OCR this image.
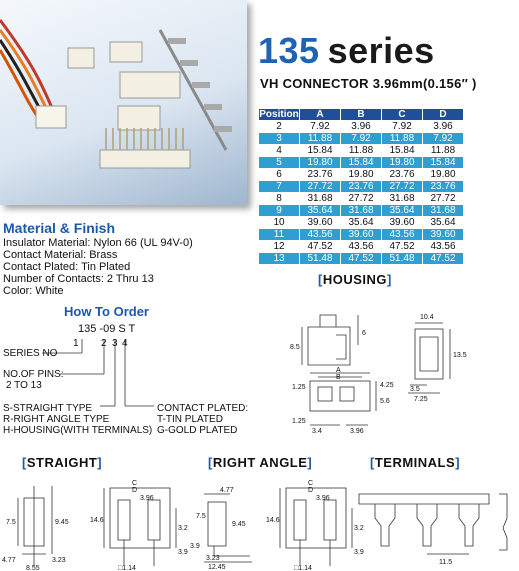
135 series
VH CONNECTOR 3.96mm(0.156″ )
Position	A	B	C	D
2	7.92	3.96	7.92	3.96
3	11.88	7.92	11.88	7.92
4	15.84	11.88	15.84	11.88
5	19.80	15.84	19.80	15.84
6	23.76	19.80	23.76	19.80
7	27.72	23.76	27.72	23.76
8	31.68	27.72	31.68	27.72
9	35.64	31.68	35.64	31.68
10	39.60	35.64	39.60	35.64
11	43.56	39.60	43.56	39.60
12	47.52	43.56	47.52	43.56
13	51.48	47.52	51.48	47.52
Material & Finish
Insulator Material: Nylon 66 (UL 94V-0)
Contact Material: Brass
Contact Plated: Tin Plated
Number of Contacts: 2 Thru 13
Color: White
How To Order
135 -09 S T
1 2 3 4
SERIES NO
NO.OF PINS:
2 TO 13
S-STRAIGHT TYPE
R-RIGHT ANGLE TYPE
H-HOUSING(WITH TERMINALS)
CONTACT PLATED:
T-TIN PLATED
G-GOLD PLATED
[HOUSING]
[STRAIGHT]	[RIGHT ANGLE]	[TERMINALS]
8.5
6
10.4
13.5
3.5
7.25
A
B
1.25	4.25
5.6
1.25
3.4	3.96
7.5	9.45
4.77
8.55
3.23
C
D
3.96
14.6
3.2
3.9
□1.14
4.77
7.5
9.45
3.9
3.23
12.45
C
D
3.96
14.6
3.2
3.9
□1.14
11.5
